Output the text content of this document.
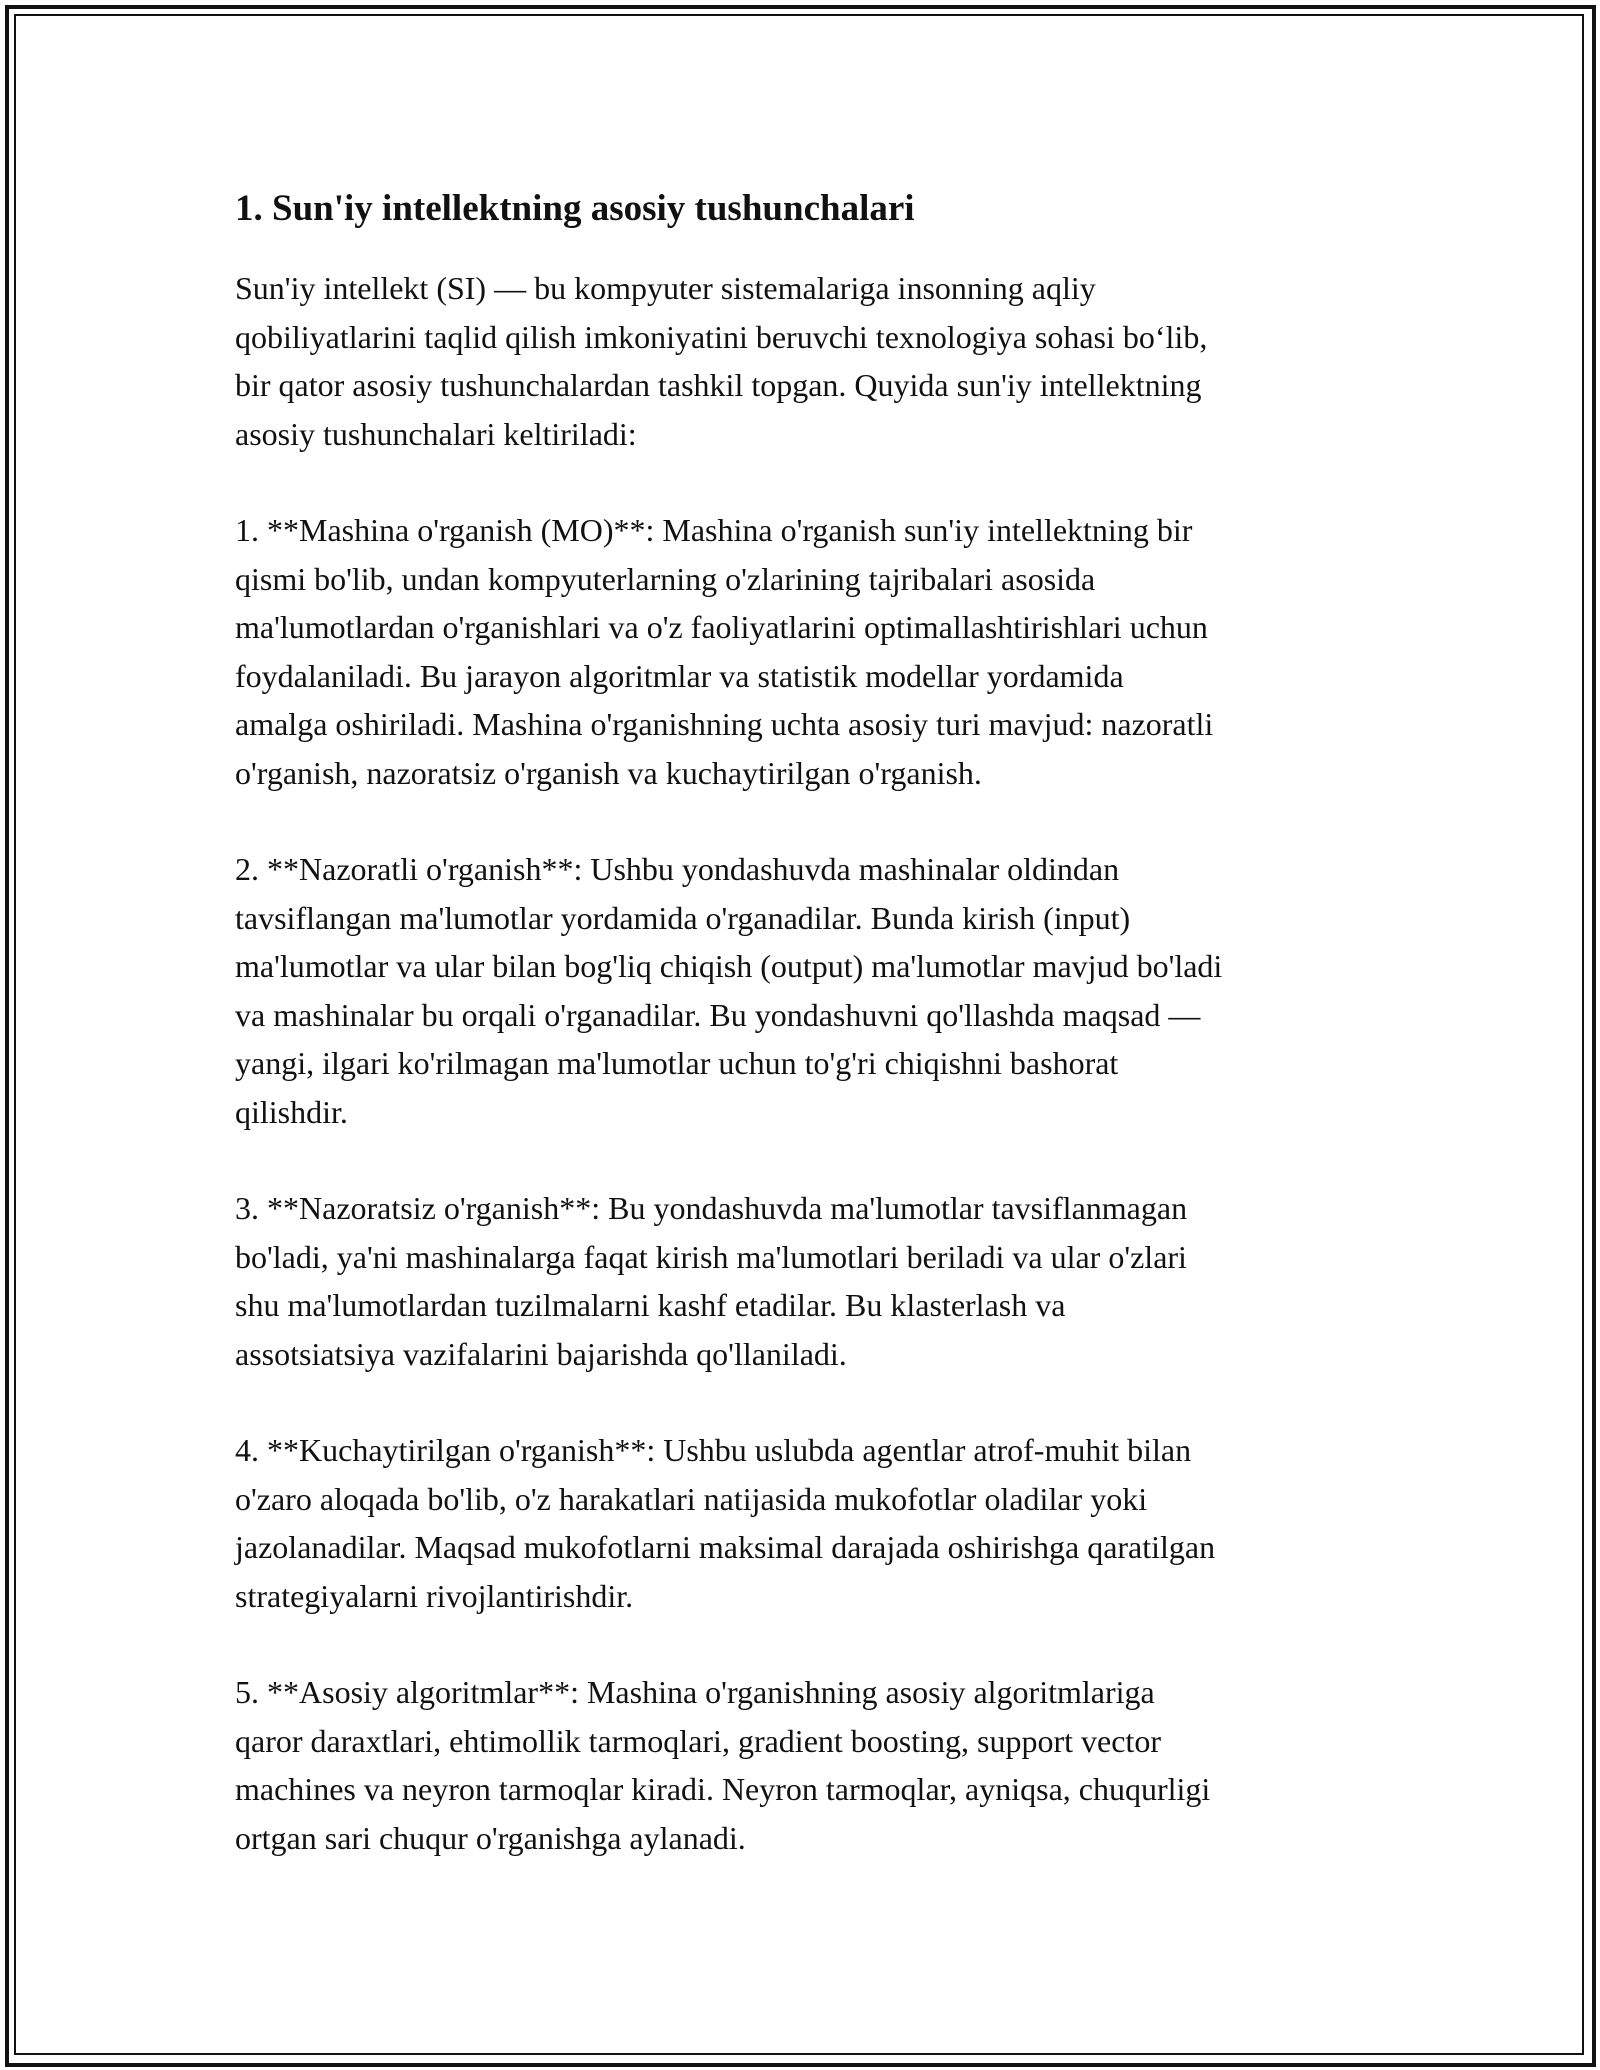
1. Sun'iy intellektning asosiy tushunchalari

Sun'iy intellekt (SI) — bu kompyuter sistemalariga insonning aqliy
qobiliyatlarini taqlid qilish imkoniyatini beruvchi texnologiya sohasi bo‘lib,
bir qator asosiy tushunchalardan tashkil topgan. Quyida sun'iy intellektning
asosiy tushunchalari keltiriladi:

1. **Mashina o'rganish (MO)**: Mashina o'rganish sun'iy intellektning bir
qismi bo'lib, undan kompyuterlarning o'zlarining tajribalari asosida
ma'lumotlardan o'rganishlari va o'z faoliyatlarini optimallashtirishlari uchun
foydalaniladi. Bu jarayon algoritmlar va statistik modellar yordamida
amalga oshiriladi. Mashina o'rganishning uchta asosiy turi mavjud: nazoratli
o'rganish, nazoratsiz o'rganish va kuchaytirilgan o'rganish.

2. **Nazoratli o'rganish**: Ushbu yondashuvda mashinalar oldindan
tavsiflangan ma'lumotlar yordamida o'rganadilar. Bunda kirish (input)
ma'lumotlar va ular bilan bog'liq chiqish (output) ma'lumotlar mavjud bo'ladi
va mashinalar bu orqali o'rganadilar. Bu yondashuvni qo'llashda maqsad —
yangi, ilgari ko'rilmagan ma'lumotlar uchun to'g'ri chiqishni bashorat
qilishdir.

3. **Nazoratsiz o'rganish**: Bu yondashuvda ma'lumotlar tavsiflanmagan
bo'ladi, ya'ni mashinalarga faqat kirish ma'lumotlari beriladi va ular o'zlari
shu ma'lumotlardan tuzilmalarni kashf etadilar. Bu klasterlash va
assotsiatsiya vazifalarini bajarishda qo'llaniladi.

4. **Kuchaytirilgan o'rganish**: Ushbu uslubda agentlar atrof-muhit bilan
o'zaro aloqada bo'lib, o'z harakatlari natijasida mukofotlar oladilar yoki
jazolanadilar. Maqsad mukofotlarni maksimal darajada oshirishga qaratilgan
strategiyalarni rivojlantirishdir.

5. **Asosiy algoritmlar**: Mashina o'rganishning asosiy algoritmlariga
qaror daraxtlari, ehtimollik tarmoqlari, gradient boosting, support vector
machines va neyron tarmoqlar kiradi. Neyron tarmoqlar, ayniqsa, chuqurligi
ortgan sari chuqur o'rganishga aylanadi.
